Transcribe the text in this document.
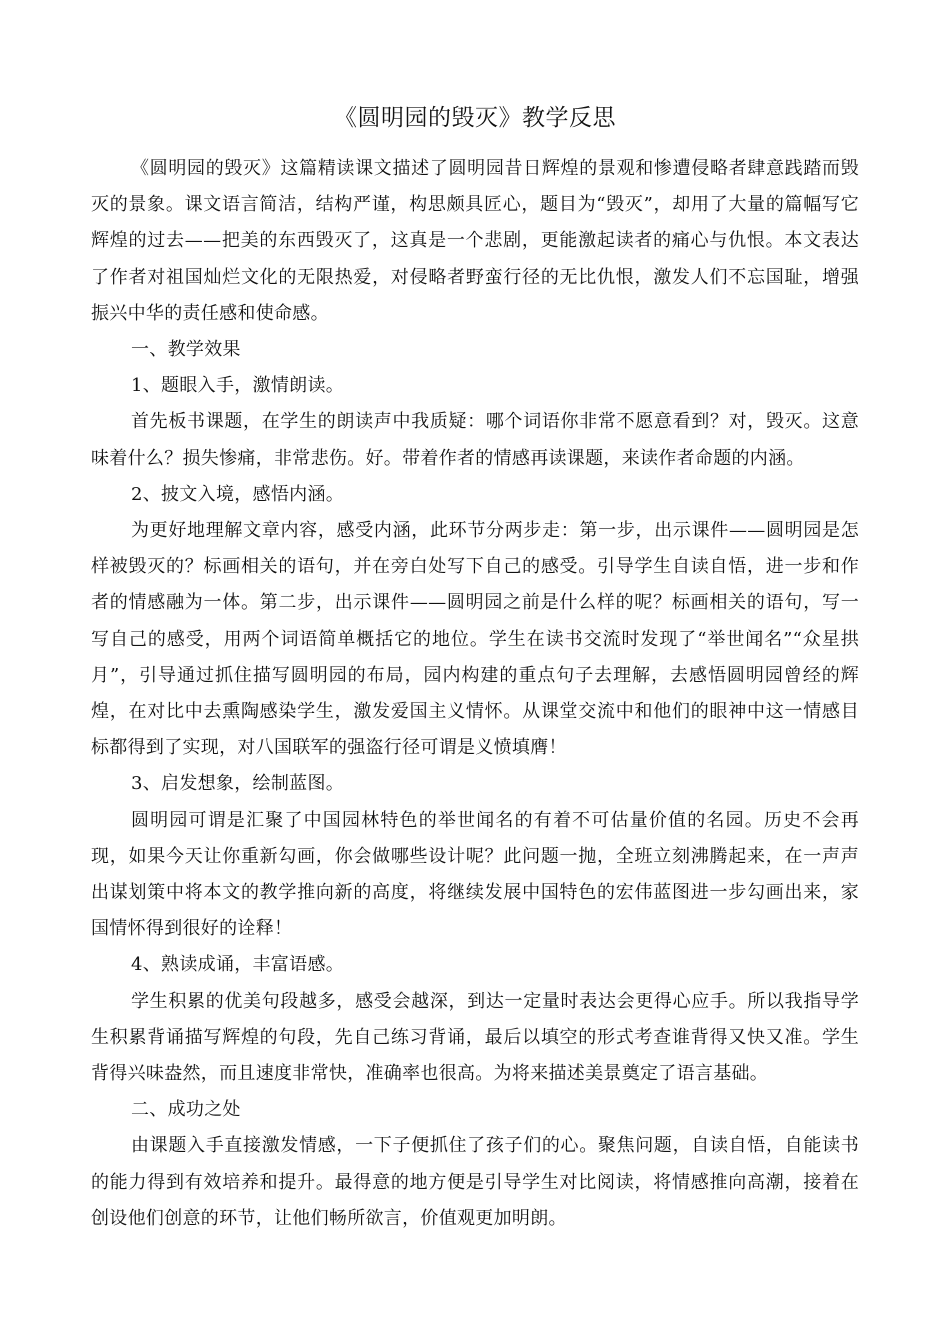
《圆明园的毁灭》教学反思

《圆明园的毁灭》这篇精读课文描述了圆明园昔日辉煌的景观和惨遭侵略者肆意践踏而毁灭的景象。课文语言简洁，结构严谨，构思颇具匠心，题目为“毁灭”，却用了大量的篇幅写它辉煌的过去——把美的东西毁灭了，这真是一个悲剧，更能激起读者的痛心与仇恨。本文表达了作者对祖国灿烂文化的无限热爱，对侵略者野蛮行径的无比仇恨，激发人们不忘国耻，增强振兴中华的责任感和使命感。

一、教学效果

1、题眼入手，激情朗读。

首先板书课题，在学生的朗读声中我质疑：哪个词语你非常不愿意看到？对，毁灭。这意味着什么？损失惨痛，非常悲伤。好。带着作者的情感再读课题，来读作者命题的内涵。

2、披文入境，感悟内涵。

为更好地理解文章内容，感受内涵，此环节分两步走：第一步，出示课件——圆明园是怎样被毁灭的？标画相关的语句，并在旁白处写下自己的感受。引导学生自读自悟，进一步和作者的情感融为一体。第二步，出示课件——圆明园之前是什么样的呢？标画相关的语句，写一写自己的感受，用两个词语简单概括它的地位。学生在读书交流时发现了“举世闻名”“众星拱月”，引导通过抓住描写圆明园的布局，园内构建的重点句子去理解，去感悟圆明园曾经的辉煌，在对比中去熏陶感染学生，激发爱国主义情怀。从课堂交流中和他们的眼神中这一情感目标都得到了实现，对八国联军的强盗行径可谓是义愤填膺！

3、启发想象，绘制蓝图。

圆明园可谓是汇聚了中国园林特色的举世闻名的有着不可估量价值的名园。历史不会再现，如果今天让你重新勾画，你会做哪些设计呢？此问题一抛，全班立刻沸腾起来，在一声声出谋划策中将本文的教学推向新的高度，将继续发展中国特色的宏伟蓝图进一步勾画出来，家国情怀得到很好的诠释！

4、熟读成诵，丰富语感。

学生积累的优美句段越多，感受会越深，到达一定量时表达会更得心应手。所以我指导学生积累背诵描写辉煌的句段，先自己练习背诵，最后以填空的形式考查谁背得又快又准。学生背得兴味盎然，而且速度非常快，准确率也很高。为将来描述美景奠定了语言基础。

二、成功之处

由课题入手直接激发情感，一下子便抓住了孩子们的心。聚焦问题，自读自悟，自能读书的能力得到有效培养和提升。最得意的地方便是引导学生对比阅读，将情感推向高潮，接着在创设他们创意的环节，让他们畅所欲言，价值观更加明朗。
